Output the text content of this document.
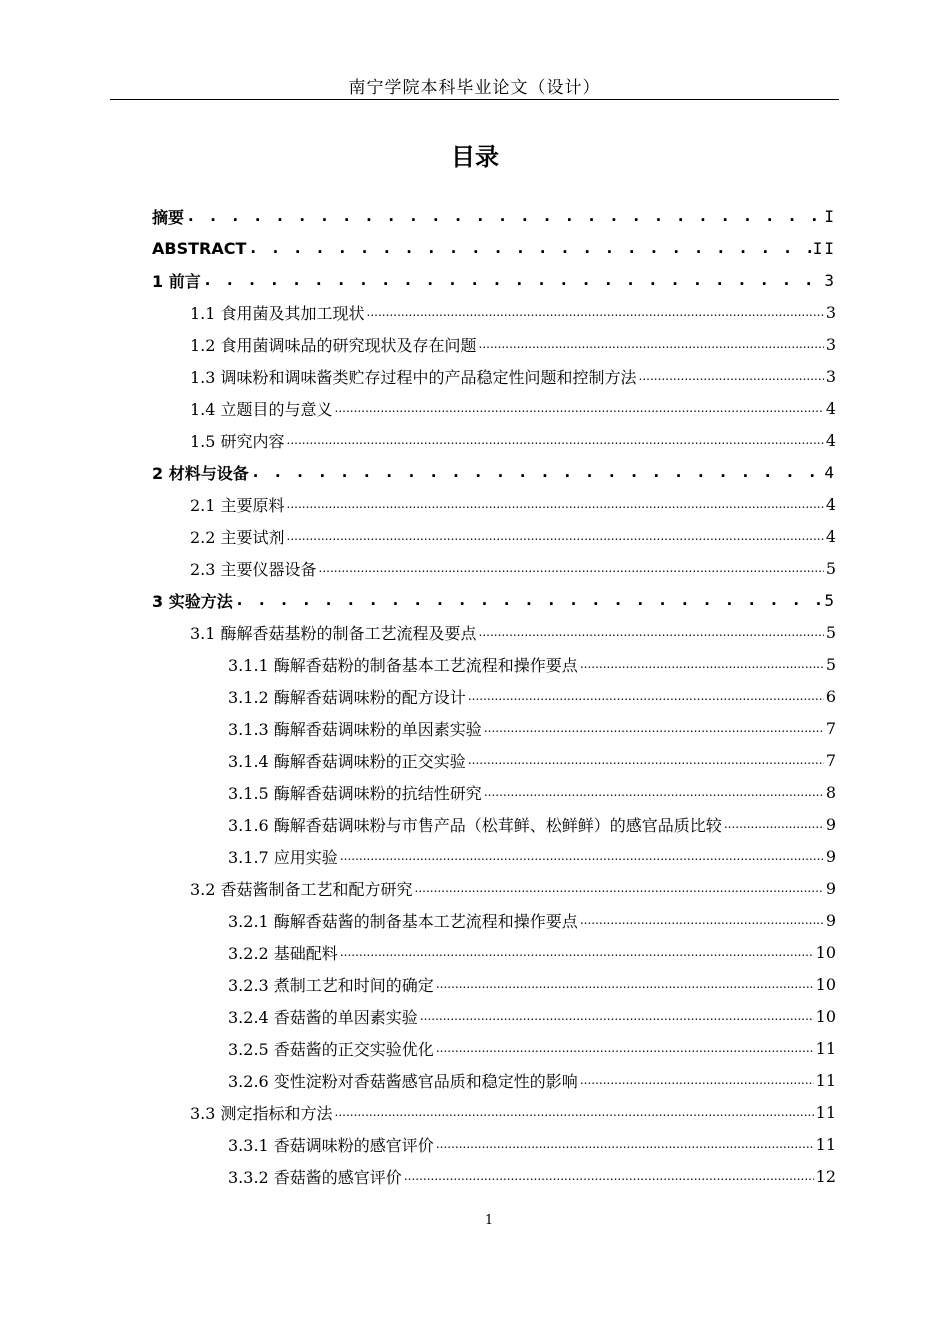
南宁学院本科毕业论文（设计）
目录
摘要 . . .	I
ABSTRACT . . .	II
1 前言 . . .	3
1.1 食用菌及其加工现状 .....	3
1.2 食用菌调味品的研究现状及存在问题 .....	3
1.3 调味粉和调味酱类贮存过程中的产品稳定性问题和控制方法 .....	3
1.4 立题目的与意义 .....	4
1.5 研究内容 .....	4
2 材料与设备 . . .	4
2.1 主要原料 .....	4
2.2 主要试剂 .....	4
2.3 主要仪器设备 .....	5
3 实验方法 . . .	5
3.1 酶解香菇基粉的制备工艺流程及要点 .....	5
3.1.1 酶解香菇粉的制备基本工艺流程和操作要点 .....	5
3.1.2 酶解香菇调味粉的配方设计 .....	6
3.1.3 酶解香菇调味粉的单因素实验 .....	7
3.1.4 酶解香菇调味粉的正交实验 .....	7
3.1.5 酶解香菇调味粉的抗结性研究 .....	8
3.1.6 酶解香菇调味粉与市售产品（松茸鲜、松鲜鲜）的感官品质比较 .....	9
3.1.7 应用实验 .....	9
3.2 香菇酱制备工艺和配方研究 .....	9
3.2.1 酶解香菇酱的制备基本工艺流程和操作要点 .....	9
3.2.2 基础配料 .....	10
3.2.3 煮制工艺和时间的确定 .....	10
3.2.4 香菇酱的单因素实验 .....	10
3.2.5 香菇酱的正交实验优化 .....	11
3.2.6 变性淀粉对香菇酱感官品质和稳定性的影响 .....	11
3.3 测定指标和方法 .....	11
3.3.1 香菇调味粉的感官评价 .....	11
3.3.2 香菇酱的感官评价 .....	12
1
